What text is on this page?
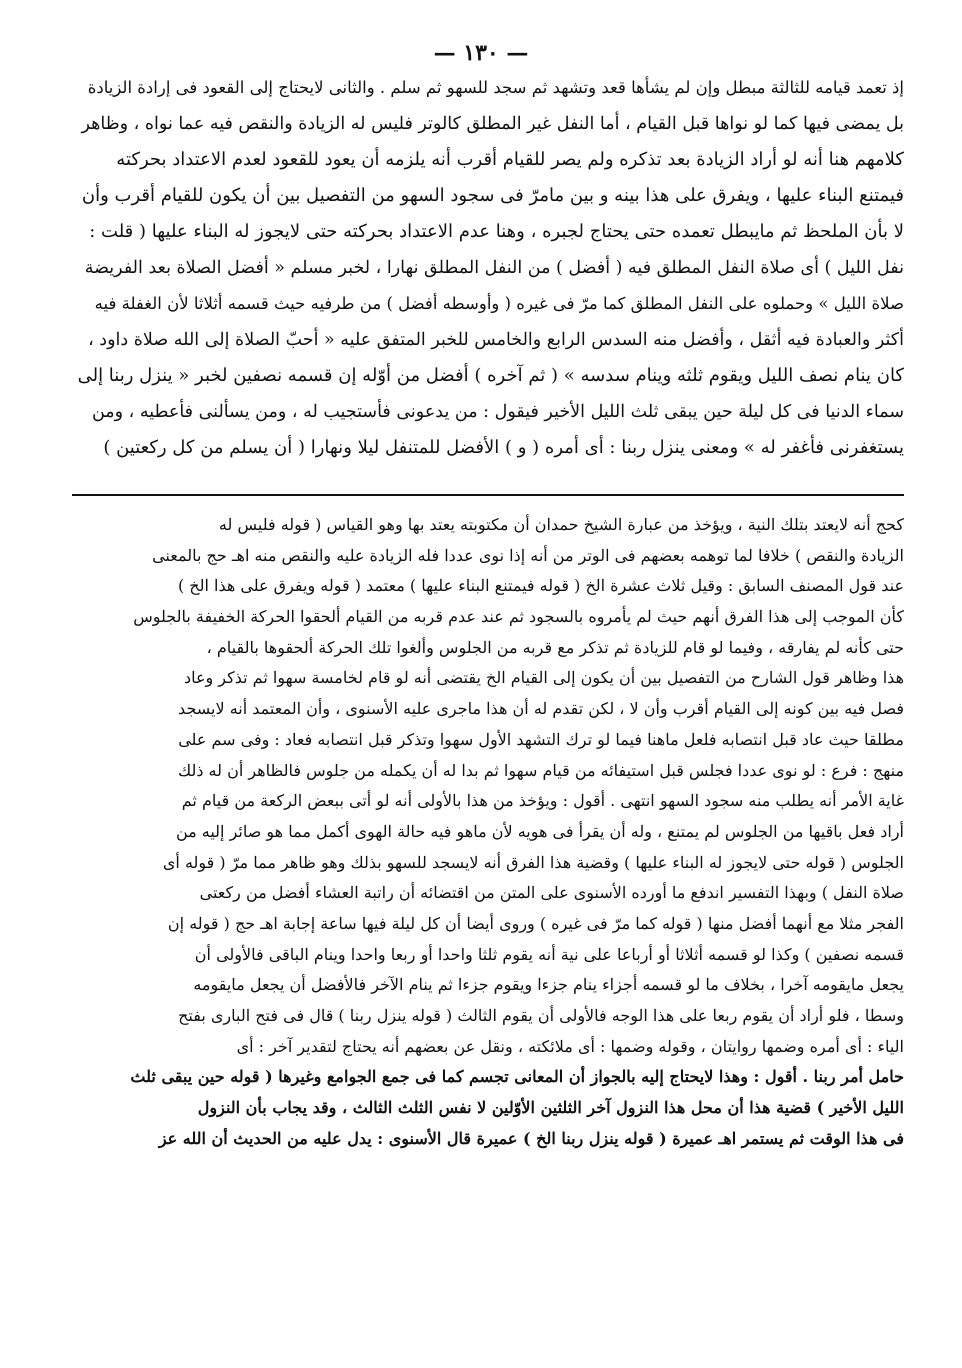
— ١٣٠ —
إذ تعمد قيامه للثالثة مبطل وإن لم يشأها قعد وتشهد ثم سجد للسهو ثم سلم . والثانى لايحتاج إلى القعود فى إرادة الزيادة
بل يمضى فيها كما لو نواها قبل القيام ، أما النفل غير المطلق كالوتر فليس له الزيادة والنقص فيه عما نواه ، وظاهر
كلامهم هنا أنه لو أراد الزيادة بعد تذكره ولم يصر للقيام أقرب أنه يلزمه أن يعود للقعود لعدم الاعتداد بحركته
فيمتنع البناء عليها ، ويفرق على هذا بينه و بين مامرّ فى سجود السهو من التفصيل بين أن يكون للقيام أقرب وأن
لا بأن الملحظ ثم مايبطل تعمده حتى يحتاج لجبره ، وهنا عدم الاعتداد بحركته حتى لايجوز له البناء عليها ( قلت :
نفل الليل ) أى صلاة النفل المطلق فيه ( أفضل ) من النفل المطلق نهارا ، لخبر مسلم « أفضل الصلاة بعد الفريضة
صلاة الليل » وحملوه على النفل المطلق كما مرّ فى غيره ( وأوسطه أفضل ) من طرفيه حيث قسمه أثلاثا لأن الغفلة فيه
أكثر والعبادة فيه أثقل ، وأفضل منه السدس الرابع والخامس للخبر المتفق عليه « أحبّ الصلاة إلى الله صلاة داود ،
كان ينام نصف الليل ويقوم ثلثه وينام سدسه » ( ثم آخره ) أفضل من أوّله إن قسمه نصفين لخبر « ينزل ربنا إلى
سماء الدنيا فى كل ليلة حين يبقى ثلث الليل الأخير فيقول : من يدعونى فأستجيب له ، ومن يسألنى فأعطيه ، ومن
يستغفرنى فأغفر له » ومعنى ينزل ربنا : أى أمره ( و ) الأفضل للمتنفل ليلا ونهارا ( أن يسلم من كل ركعتين )
كحج أنه لايعتد بتلك النية ، ويؤخذ من عبارة الشيخ حمدان أن مكتوبته يعتد بها وهو القياس ( قوله فليس له
الزيادة والنقص ) خلافا لما توهمه بعضهم فى الوتر من أنه إذا نوى عددا فله الزيادة عليه والنقص منه اهـ حج بالمعنى
عند قول المصنف السابق : وقيل ثلاث عشرة الخ ( قوله فيمتنع البناء عليها ) معتمد ( قوله ويفرق على هذا الخ )
كأن الموجب إلى هذا الفرق أنهم حيث لم يأمروه بالسجود ثم عند عدم قربه من القيام ألحقوا الحركة الخفيفة بالجلوس
حتى كأنه لم يفارقه ، وفيما لو قام للزيادة ثم تذكر مع قربه من الجلوس وألغوا تلك الحركة ألحقوها بالقيام ،
هذا وظاهر قول الشارح من التفصيل بين أن يكون إلى القيام الخ يقتضى أنه لو قام لخامسة سهوا ثم تذكر وعاد
فصل فيه بين كونه إلى القيام أقرب وأن لا ، لكن تقدم له أن هذا ماجرى عليه الأسنوى ، وأن المعتمد أنه لايسجد
مطلقا حيث عاد قبل انتصابه فلعل ماهنا فيما لو ترك التشهد الأول سهوا وتذكر قبل انتصابه فعاد : وفى سم على
منهج : فرع : لو نوى عددا فجلس قبل استيفائه من قيام سهوا ثم بدا له أن يكمله من جلوس فالظاهر أن له ذلك
غاية الأمر أنه يطلب منه سجود السهو انتهى . أقول : ويؤخذ من هذا بالأولى أنه لو أتى ببعض الركعة من قيام ثم
أراد فعل باقيها من الجلوس لم يمتنع ، وله أن يقرأ فى هويه لأن ماهو فيه حالة الهوى أكمل مما هو صائر إليه من
الجلوس ( قوله حتى لايجوز له البناء عليها ) وقضية هذا الفرق أنه لايسجد للسهو بذلك وهو ظاهر مما مرّ ( قوله أى
صلاة النفل ) وبهذا التفسير اندفع ما أورده الأسنوى على المتن من اقتضائه أن راتبة العشاء أفضل من ركعتى
الفجر مثلا مع أنهما أفضل منها ( قوله كما مرّ فى غيره ) وروى أيضا أن كل ليلة فيها ساعة إجابة اهـ حج ( قوله إن
قسمه نصفين ) وكذا لو قسمه أثلاثا أو أرباعا على نية أنه يقوم ثلثا واحدا أو ربعا واحدا وينام الباقى فالأولى أن
يجعل مايقومه آخرا ، بخلاف ما لو قسمه أجزاء ينام جزءا ويقوم جزءا ثم ينام الآخر فالأفضل أن يجعل مايقومه
وسطا ، فلو أراد أن يقوم ربعا على هذا الوجه فالأولى أن يقوم الثالث ( قوله ينزل ربنا ) قال فى فتح البارى بفتح
الياء : أى أمره وضمها روايتان ، وقوله وضمها : أى ملائكته ، ونقل عن بعضهم أنه يحتاج لتقدير آخر : أى
حامل أمر ربنا . أقول : وهذا لايحتاج إليه بالجواز أن المعانى تجسم كما فى جمع الجوامع وغيرها ( قوله حين يبقى ثلث
الليل الأخير ) قضية هذا أن محل هذا النزول آخر الثلثين الأوّلين لا نفس الثلث الثالث ، وقد يجاب بأن النزول
فى هذا الوقت ثم يستمر اهـ عميرة ( قوله ينزل ربنا الخ ) عميرة قال الأسنوى : يدل عليه من الحديث أن الله عز
